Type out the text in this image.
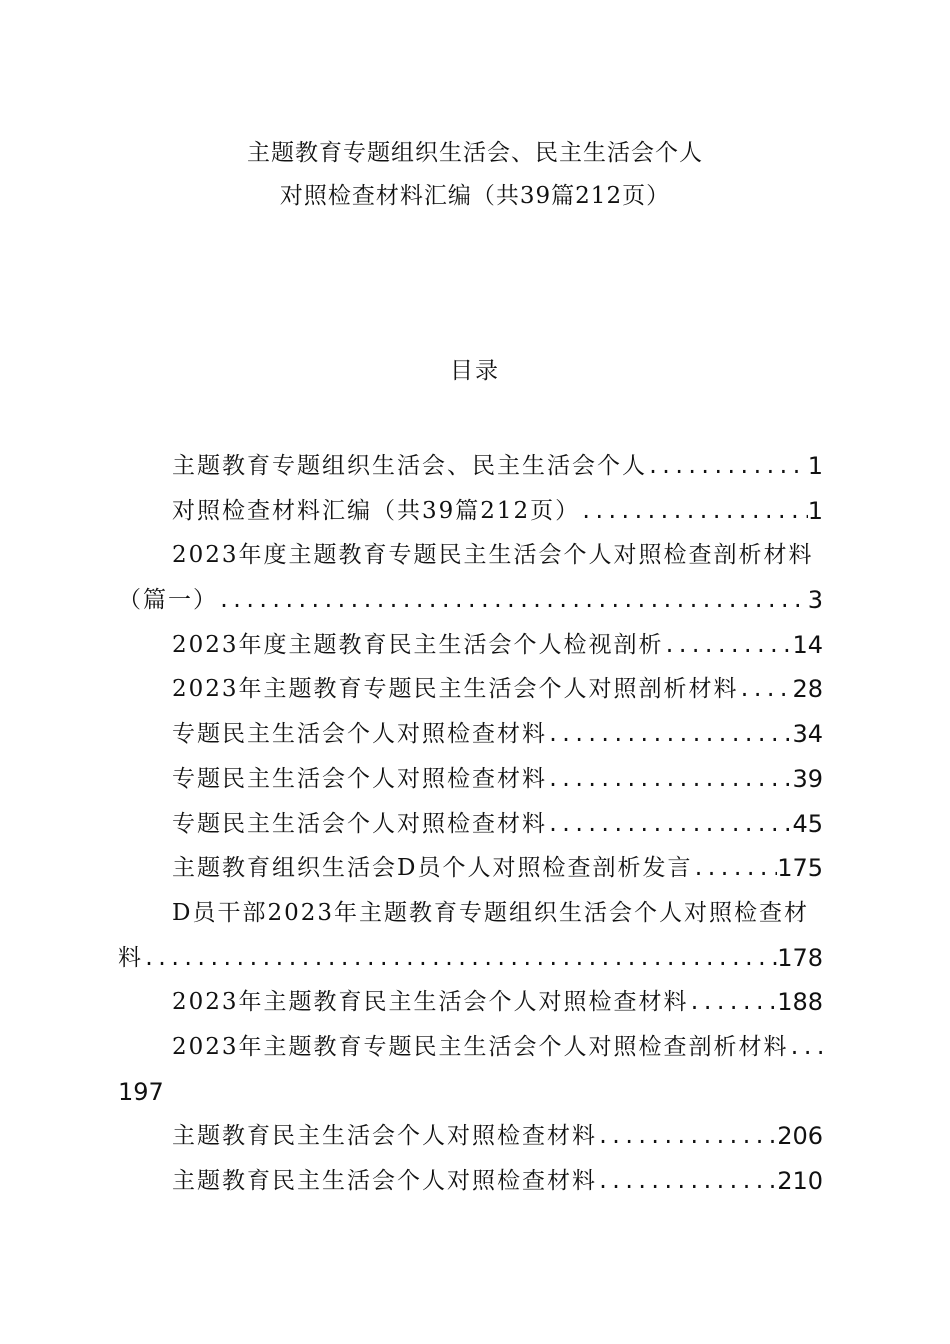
主题教育专题组织生活会、民主生活会个人
对照检查材料汇编（共39篇212页）
目录
主题教育专题组织生活会、民主生活会个人 .....	1
对照检查材料汇编（共39篇212页） .....	1
2023年度主题教育专题民主生活会个人对照检查剖析材料
（篇一） .....	3
2023年度主题教育民主生活会个人检视剖析 .....	14
2023年主题教育专题民主生活会个人对照剖析材料 ..... 28
专题民主生活会个人对照检查材料 .....	34
专题民主生活会个人对照检查材料 .....	39
专题民主生活会个人对照检查材料 .....	45
主题教育组织生活会D员个人对照检查剖析发言 .....	175
D员干部2023年主题教育专题组织生活会个人对照检查材
料 .....	178
2023年主题教育民主生活会个人对照检查材料 .....	188
2023年主题教育专题民主生活会个人对照检查剖析材料
.....
197
主题教育民主生活会个人对照检查材料 .....	206
主题教育民主生活会个人对照检查材料 .....	210
